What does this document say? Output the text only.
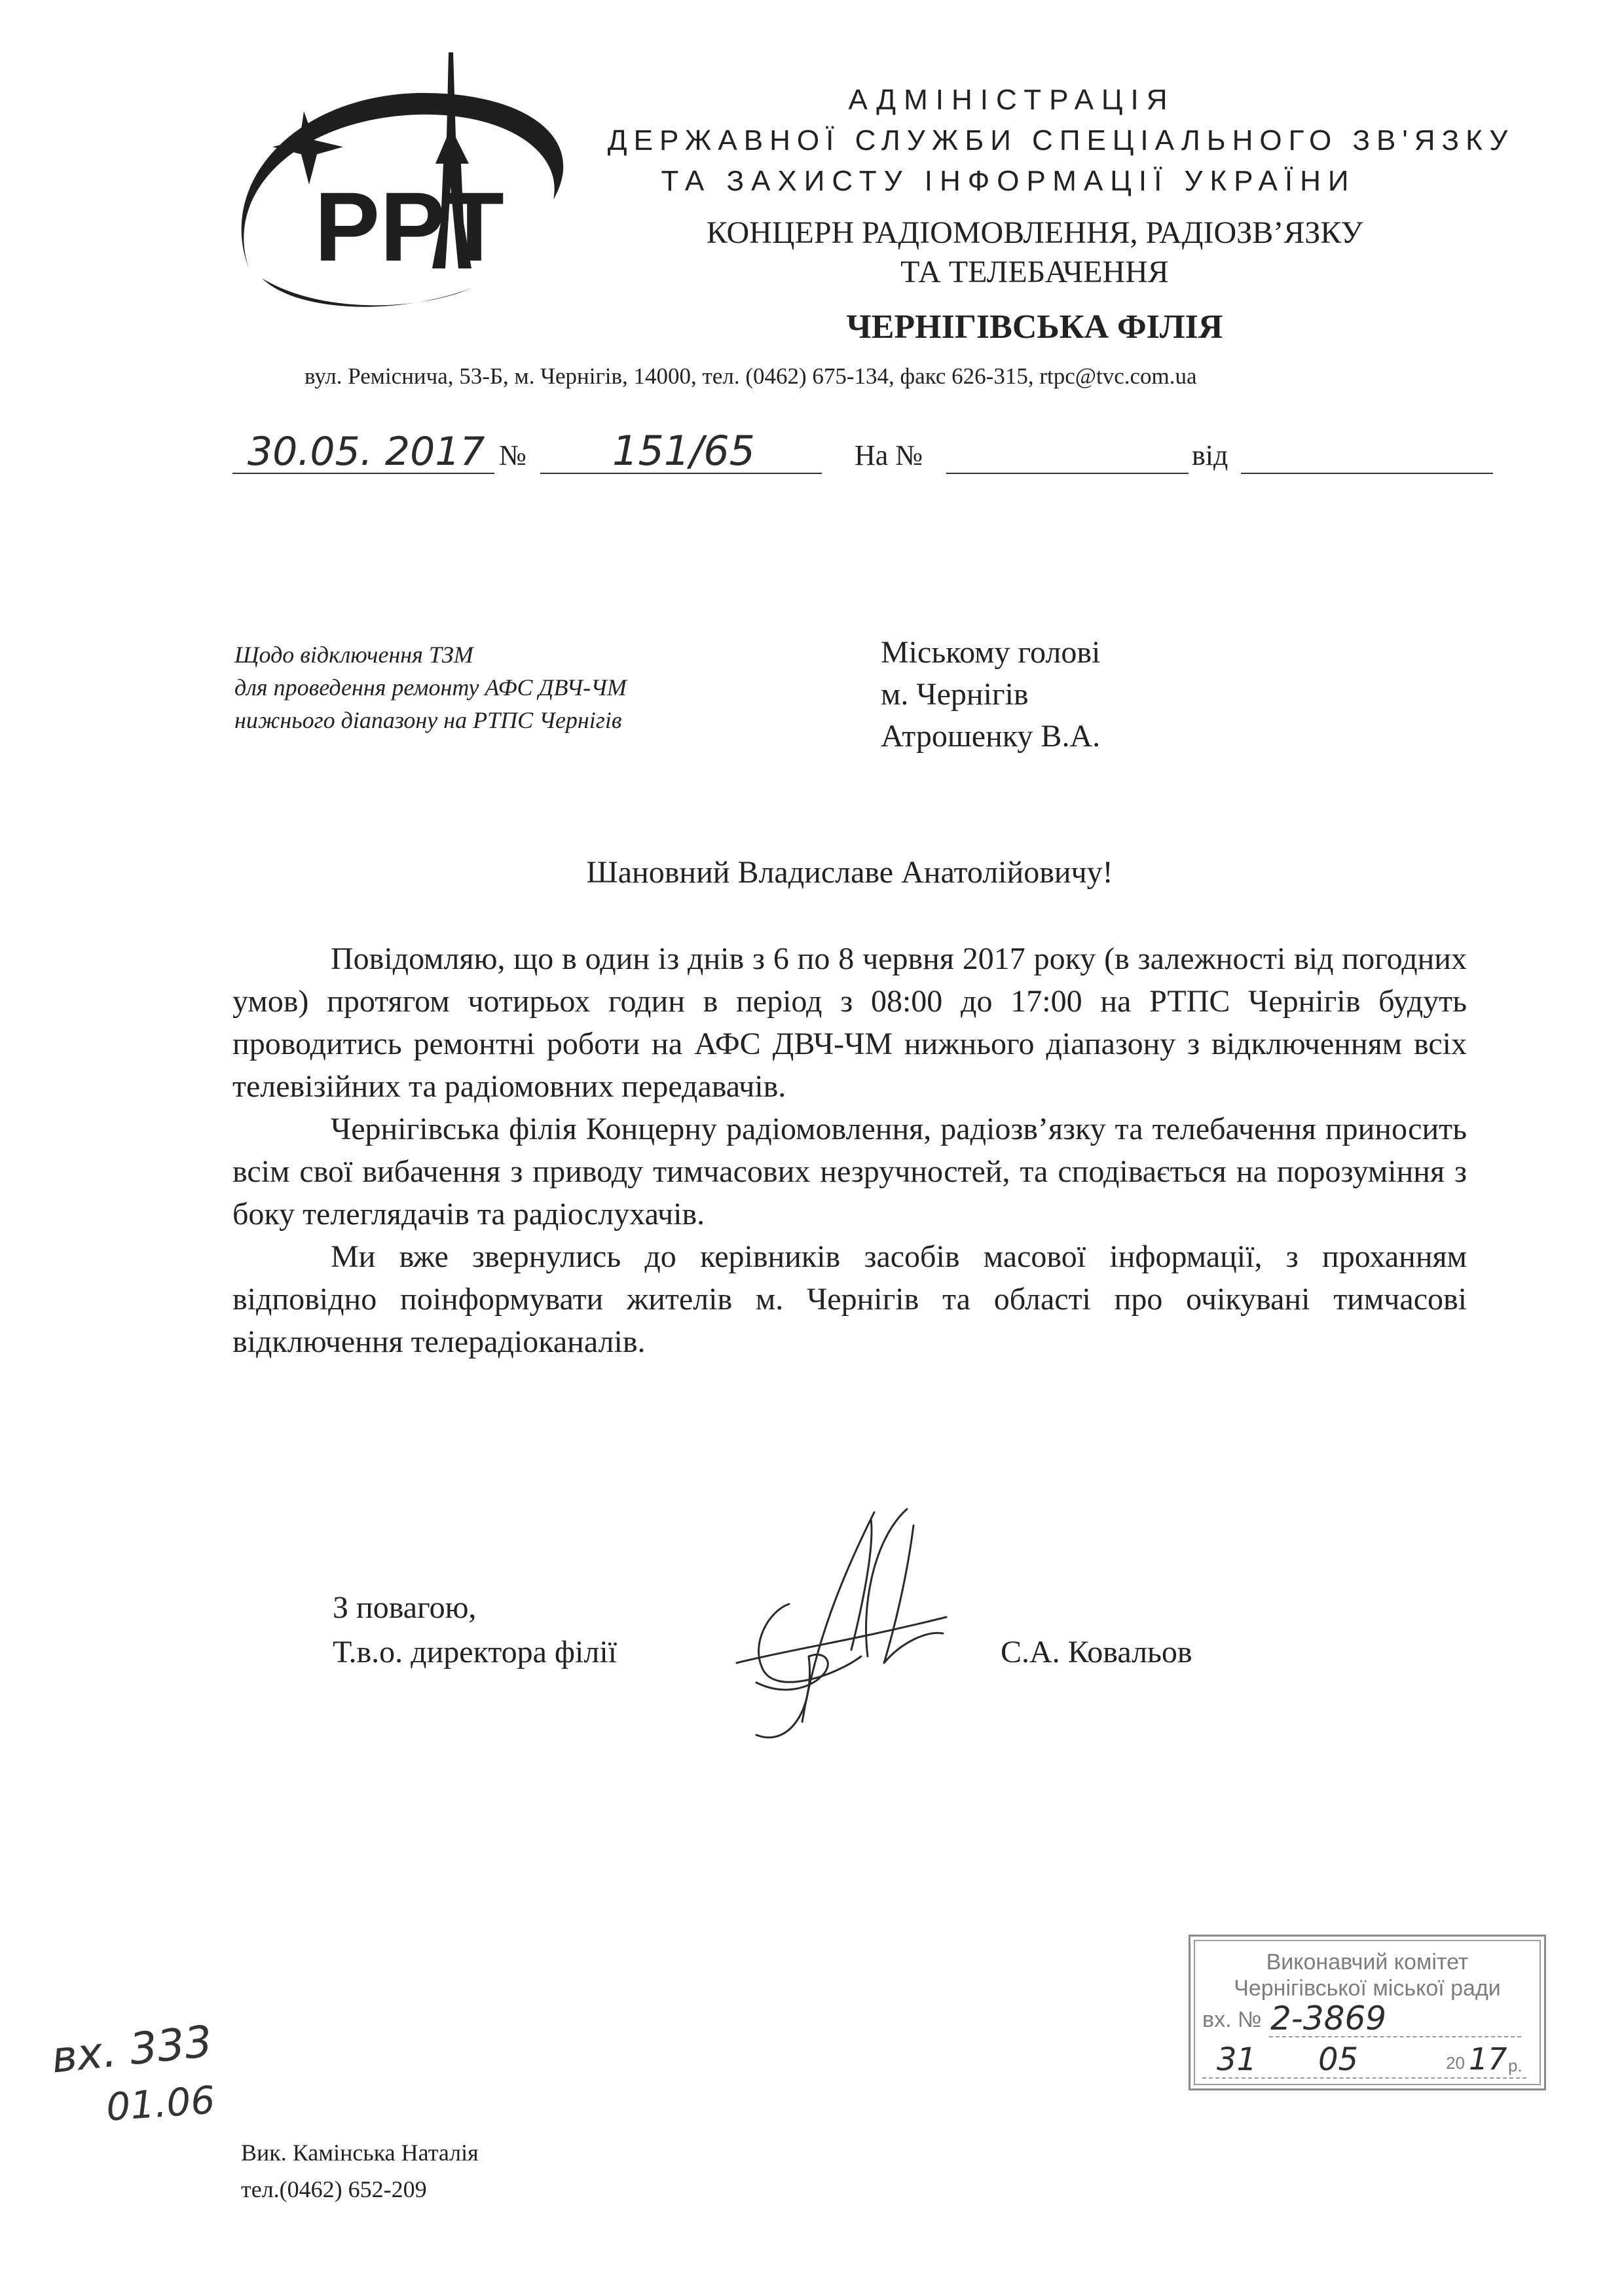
РРТ
АДМІНІСТРАЦІЯ
ДЕРЖАВНОЇ СЛУЖБИ СПЕЦІАЛЬНОГО ЗВ'ЯЗКУ
ТА ЗАХИСТУ ІНФОРМАЦІЇ УКРАЇНИ
КОНЦЕРН РАДІОМОВЛЕННЯ, РАДІОЗВ’ЯЗКУ
ТА ТЕЛЕБАЧЕННЯ
ЧЕРНІГІВСЬКА ФІЛІЯ
вул. Ремісничa, 53-Б, м. Чернігів, 14000, тел. (0462) 675-134, факс 626-315, rtpc@tvc.com.ua
30.05. 2017 № 151/65	На №	від
Щодо відключення ТЗМ
для проведення ремонту АФС ДВЧ-ЧМ
нижнього діапазону на РТПС Чернігів
Міському голові
м. Чернігів
Атрошенку В.А.
Шановний Владиславе Анатолійовичу!

Повідомляю, що в один із днів з 6 по 8 червня 2017 року (в залежності від погодних умов) протягом чотирьох годин в період з 08:00 до 17:00 на РТПС Чернігів будуть проводитись ремонтні роботи на АФС ДВЧ-ЧМ нижнього діапазону з відключенням всіх телевізійних та радіомовних передавачів.

Чернігівська філія Концерну радіомовлення, радіозв’язку та телебачення приносить всім свої вибачення з приводу тимчасових незручностей, та сподівається на порозуміння з боку телеглядачів та радіослухачів.

Ми вже звернулись до керівників засобів масової інформації, з проханням відповідно поінформувати жителів м. Чернігів та області про очікувані тимчасові відключення телерадіоканалів.

З повагою,
Т.в.о. директора філії	С.А. Ковальов
Виконавчий комітет
Чернігівської міської ради
вх. № 2-3869
31 05	20 17 р.
вх. 333
01.06
Вик. Камінська Наталія
тел.(0462) 652-209
